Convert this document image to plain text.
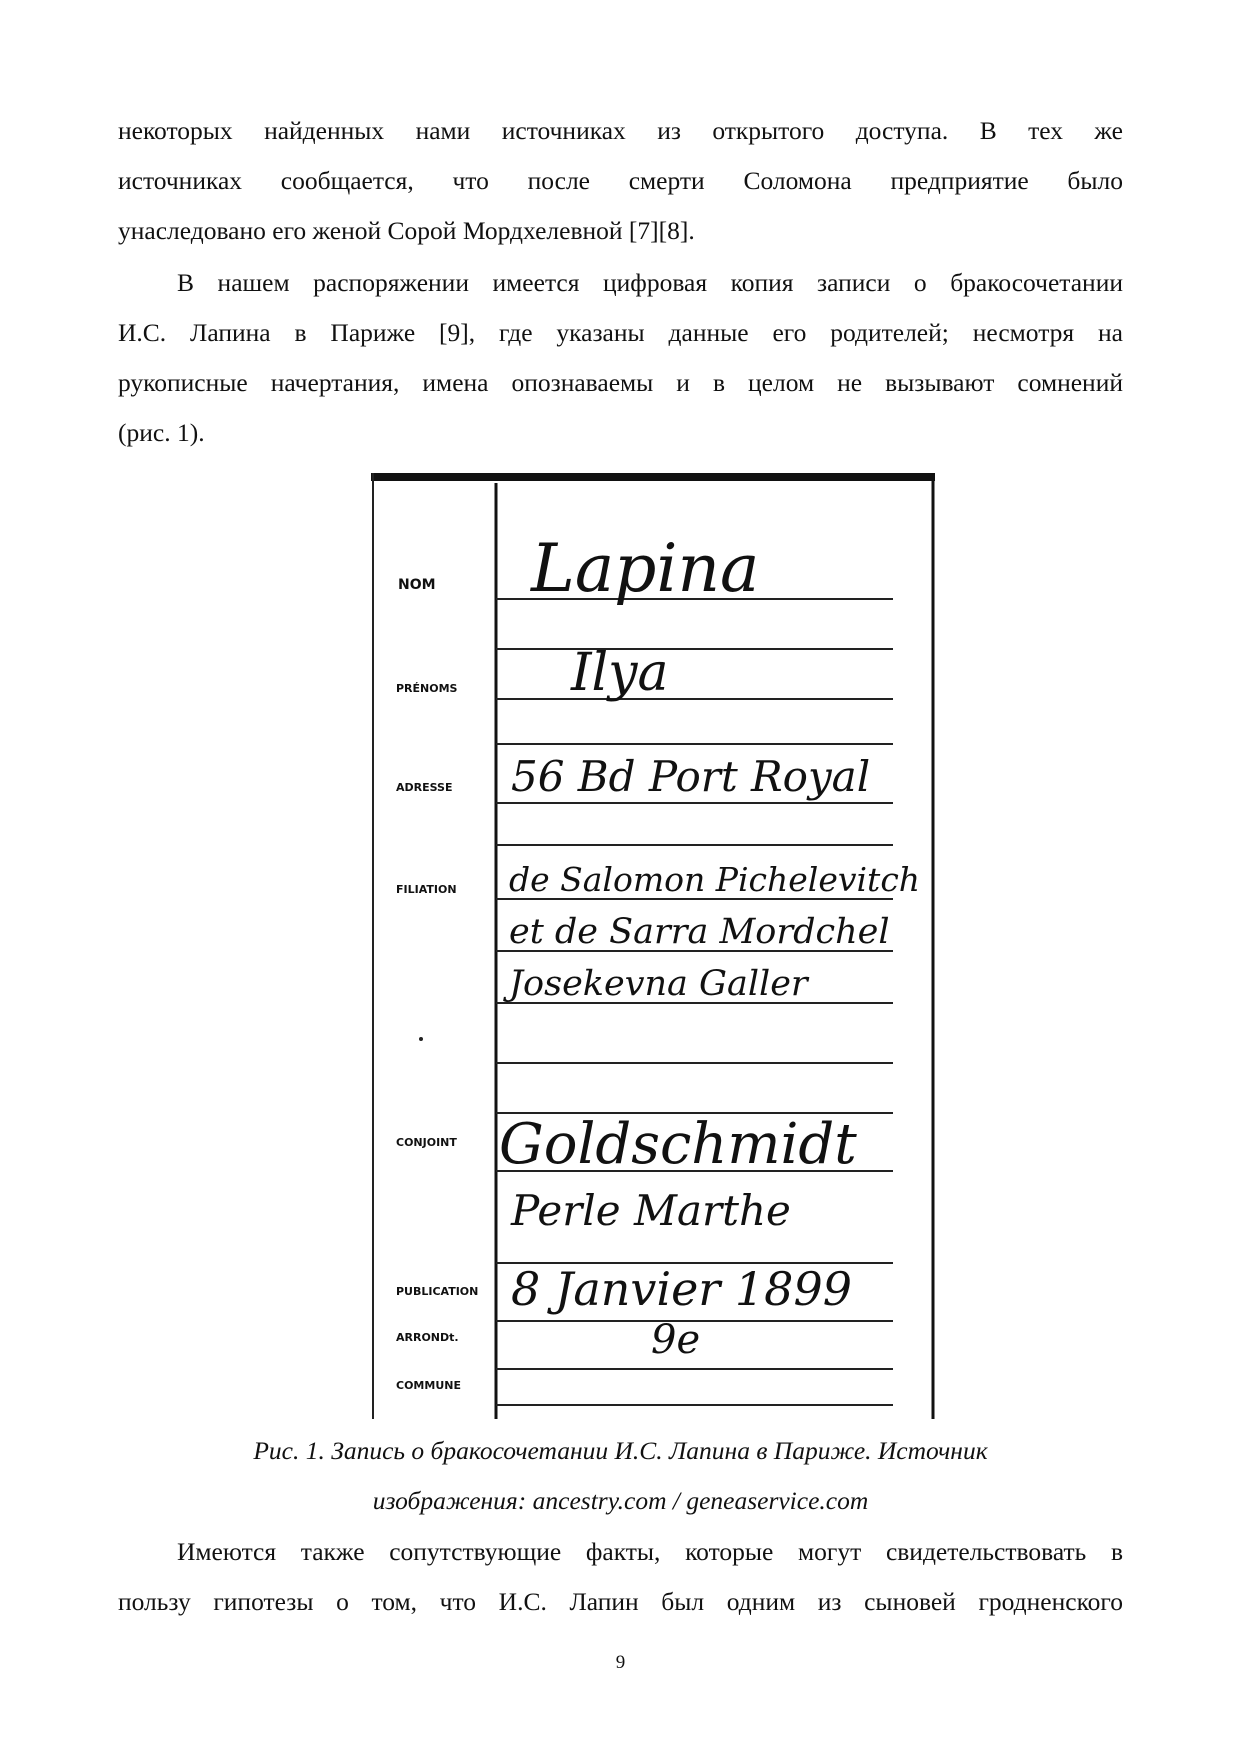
некоторых найденных нами источниках из открытого доступа. В тех же
источниках сообщается, что после смерти Соломона предприятие было
унаследовано его женой Сорой Мордхелевной [7][8].
В нашем распоряжении имеется цифровая копия записи о бракосочетании
И.С. Лапина в Париже [9], где указаны данные его родителей; несмотря на
рукописные начертания, имена опознаваемы и в целом не вызывают сомнений
(рис. 1).
NOM
PRÉNOMS
ADRESSE
FILIATION
CONJOINT
PUBLICATION
ARRONDt.
COMMUNE
Lapina
Ilya
56 Bd Port Royal
de Salomon Pichelevitch
et de Sarra Mordchel
Josekevna Galler
Goldschmidt
Perle Marthe
8 Janvier 1899
9e
Рис. 1. Запись о бракосочетании И.С. Лапина в Париже. Источник
изображения: ancestry.com / geneaservice.com
Имеются также сопутствующие факты, которые могут свидетельствовать в
пользу гипотезы о том, что И.С. Лапин был одним из сыновей гродненского
9
